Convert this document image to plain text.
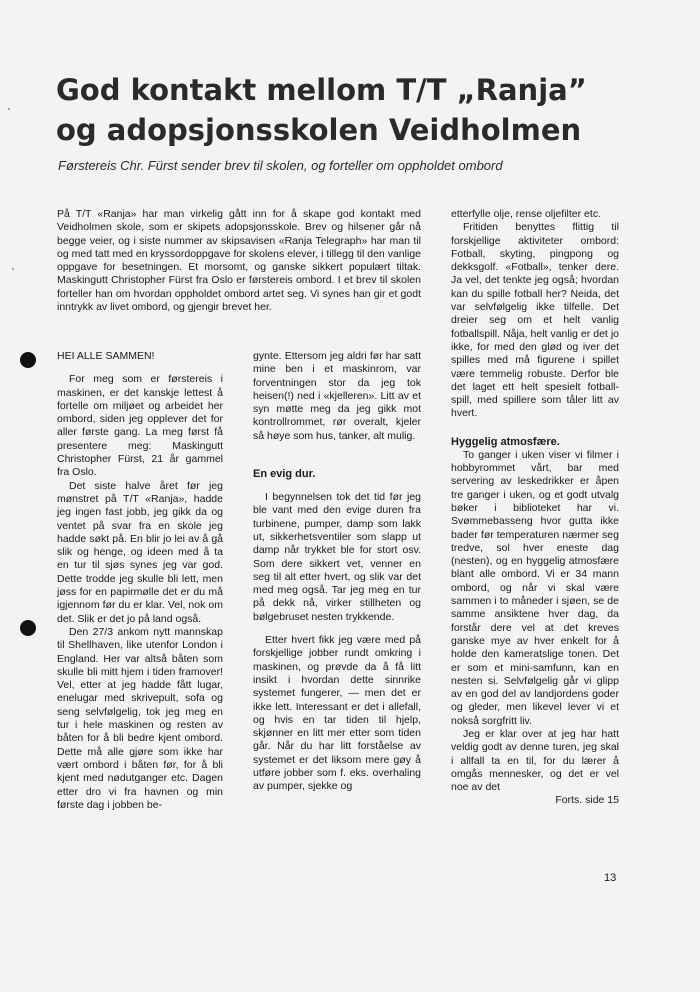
God kontakt mellom T/T „Ranja”
og adopsjonsskolen Veidholmen

Førstereis Chr. Fürst sender brev til skolen, og forteller om oppholdet ombord

På T/T «Ranja» har man virkelig gått inn for å skape god kontakt med Veidholmen skole, som er skipets adopsjonsskole. Brev og hilsener går nå begge veier, og i siste nummer av skipsavisen «Ranja Telegraph» har man til og med tatt med en kryssordoppgave for skolens elever, i tillegg til den vanlige oppgave for besetningen. Et morsomt, og ganske sikkert populært tiltak. Maskingutt Christopher Fürst fra Oslo er førstereis ombord. I et brev til skolen forteller han om hvordan oppholdet ombord artet seg. Vi synes han gir et godt inntrykk av livet ombord, og gjengir brevet her.

HEI ALLE SAMMEN!

For meg som er førstereis i maskinen, er det kanskje lettest å fortelle om miljøet og arbeidet her ombord, siden jeg opplever det for aller første gang. La meg først få presentere meg: Maskingutt Christopher Fürst, 21 år gammel fra Oslo.

Det siste halve året før jeg mønstret på T/T «Ranja», hadde jeg ingen fast jobb, jeg gikk da og ventet på svar fra en skole jeg hadde søkt på. En blir jo lei av å gå slik og henge, og ideen med å ta en tur til sjøs synes jeg var god. Dette trodde jeg skulle bli lett, men jøss for en papirmølle det er du må igjennom før du er klar. Vel, nok om det. Slik er det jo på land også.

Den 27/3 ankom nytt mannskap til Shellhaven, like utenfor London i England. Her var altså båten som skulle bli mitt hjem i tiden framover! Vel, etter at jeg hadde fått lugar, enelugar med skrivepult, sofa og seng selvfølgelig, tok jeg meg en tur i hele maskinen og resten av båten for å bli bedre kjent ombord. Dette må alle gjøre som ikke har vært ombord i båten før, for å bli kjent med nødutganger etc. Dagen etter dro vi fra havnen og min første dag i jobben be-

gynte. Ettersom jeg aldri før har satt mine ben i et maskinrom, var forventningen stor da jeg tok heisen(!) ned i «kjelleren». Litt av et syn møtte meg da jeg gikk mot kontrollrommet, rør overalt, kjeler så høye som hus, tanker, alt mulig.

En evig dur.

I begynnelsen tok det tid før jeg ble vant med den evige duren fra turbinene, pumper, damp som lakk ut, sikkerhetsventiler som slapp ut damp når trykket ble for stort osv. Som dere sikkert vet, venner en seg til alt etter hvert, og slik var det med meg også. Tar jeg meg en tur på dekk nå, virker stillheten og bølgebruset nesten trykkende.

Etter hvert fikk jeg være med på forskjellige jobber rundt omkring i maskinen, og prøvde da å få litt insikt i hvordan dette sinnrike systemet fungerer, — men det er ikke lett. Interessant er det i allefall, og hvis en tar tiden til hjelp, skjønner en litt mer etter som tiden går. Når du har litt forståelse av systemet er det liksom mere gøy å utføre jobber som f. eks. overhaling av pumper, sjekke og

etterfylle olje, rense oljefilter etc.

Fritiden benyttes flittig til forskjellige aktiviteter ombord: Fotball, skyting, pingpong og dekksgolf. «Fotball», tenker dere. Ja vel, det tenkte jeg også; hvordan kan du spille fotball her? Neida, det var selvfølgelig ikke tilfelle. Det dreier seg om et helt vanlig fotballspill. Nåja, helt vanlig er det jo ikke, for med den glød og iver det spilles med må figurene i spillet være temmelig robuste. Derfor ble det laget ett helt spesielt fotball-spill, med spillere som tåler litt av hvert.

Hyggelig atmosfære.

To ganger i uken viser vi filmer i hobbyrommet vårt, bar med servering av leskedrikker er åpen tre ganger i uken, og et godt utvalg bøker i biblioteket har vi. Svømmebasseng hvor gutta ikke bader før temperaturen nærmer seg tredve, sol hver eneste dag (nesten), og en hyggelig atmosfære blant alle ombord. Vi er 34 mann ombord, og når vi skal være sammen i to måneder i sjøen, se de samme ansiktene hver dag, da forstår dere vel at det kreves ganske mye av hver enkelt for å holde den kameratslige tonen. Det er som et mini-samfunn, kan en nesten si. Selvfølgelig går vi glipp av en god del av landjordens goder og gleder, men likevel lever vi et nokså sorgfritt liv.

Jeg er klar over at jeg har hatt veldig godt av denne turen, jeg skal i allfall ta en til, for du lærer å omgås mennesker, og det er vel noe av det

Forts. side 15

13
